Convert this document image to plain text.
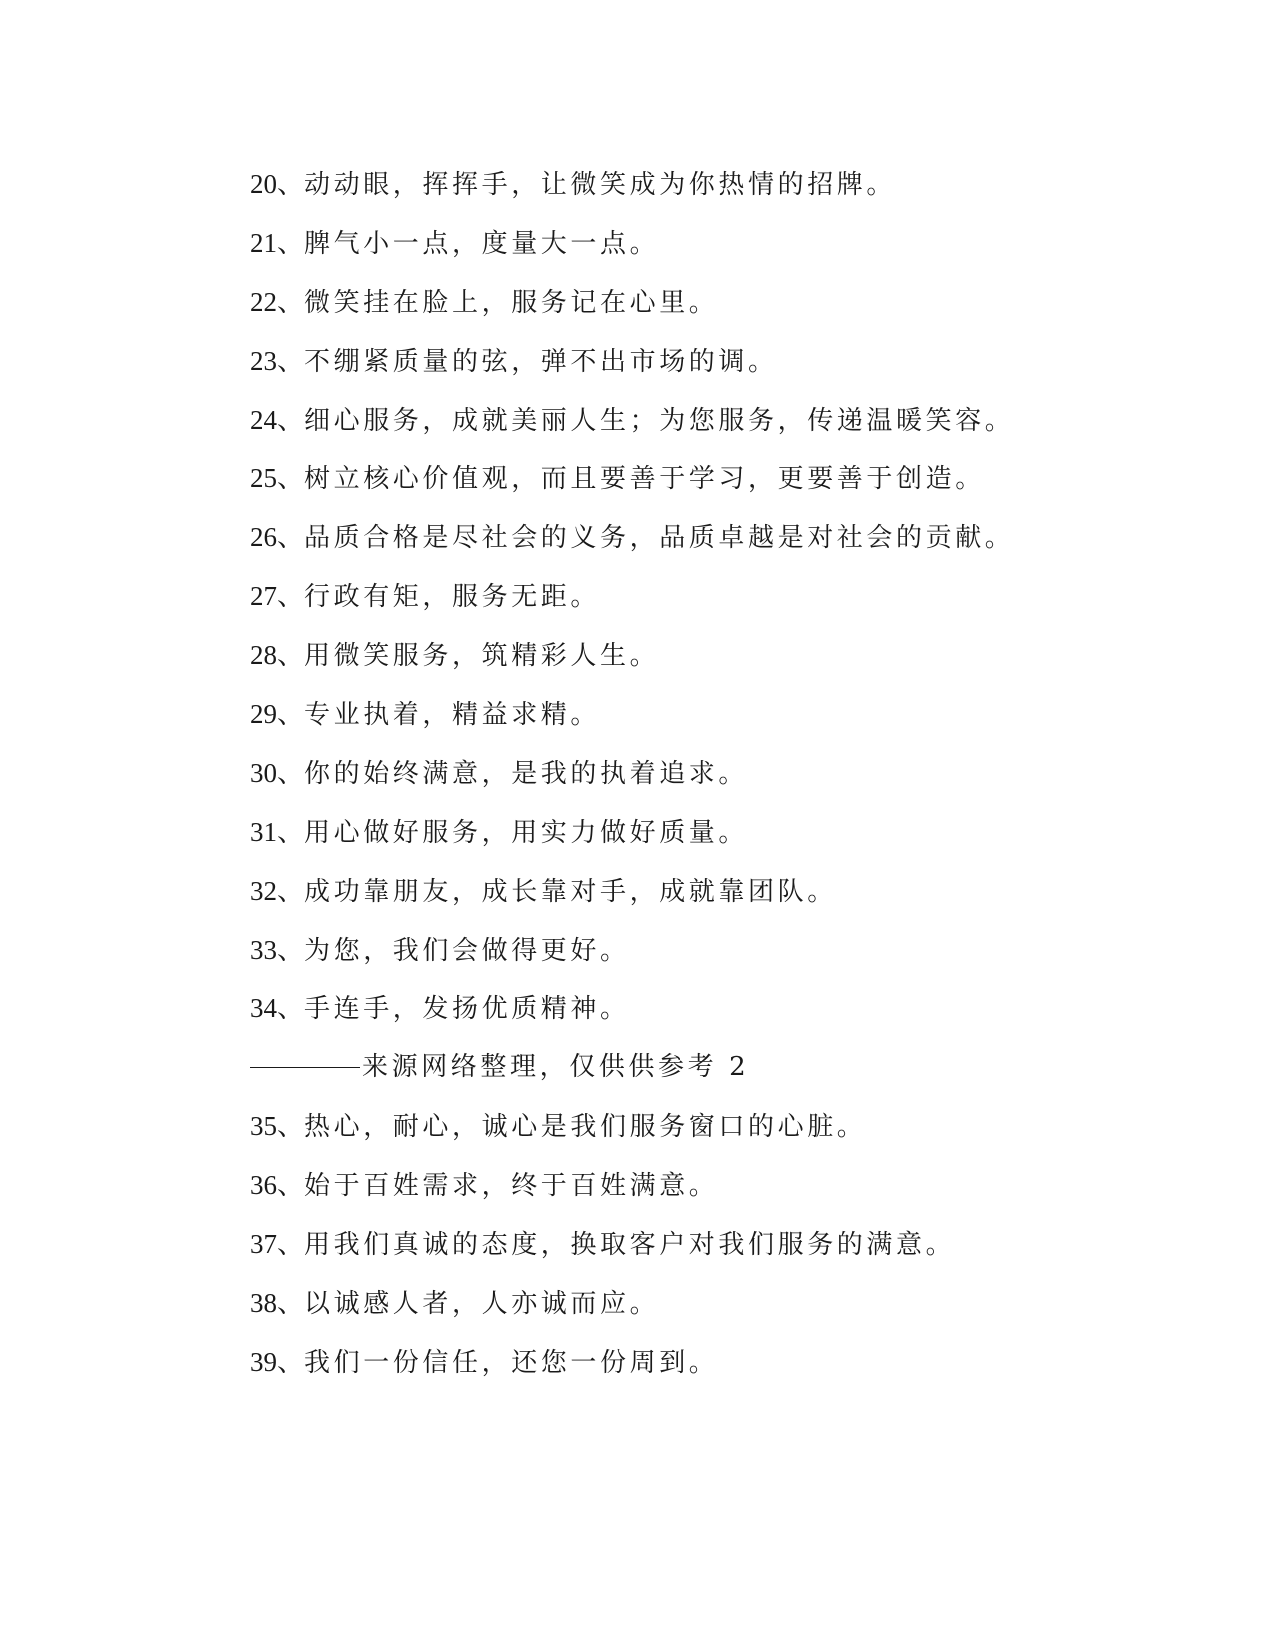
20、动动眼，挥挥手，让微笑成为你热情的招牌。
21、脾气小一点，度量大一点。
22、微笑挂在脸上，服务记在心里。
23、不绷紧质量的弦，弹不出市场的调。
24、细心服务，成就美丽人生；为您服务，传递温暖笑容。
25、树立核心价值观，而且要善于学习，更要善于创造。
26、品质合格是尽社会的义务，品质卓越是对社会的贡献。
27、行政有矩，服务无距。
28、用微笑服务，筑精彩人生。
29、专业执着，精益求精。
30、你的始终满意，是我的执着追求。
31、用心做好服务，用实力做好质量。
32、成功靠朋友，成长靠对手，成就靠团队。
33、为您，我们会做得更好。
34、手连手，发扬优质精神。
来源网络整理，仅供供参考 2
35、热心，耐心，诚心是我们服务窗口的心脏。
36、始于百姓需求，终于百姓满意。
37、用我们真诚的态度，换取客户对我们服务的满意。
38、以诚感人者，人亦诚而应。
39、我们一份信任，还您一份周到。
